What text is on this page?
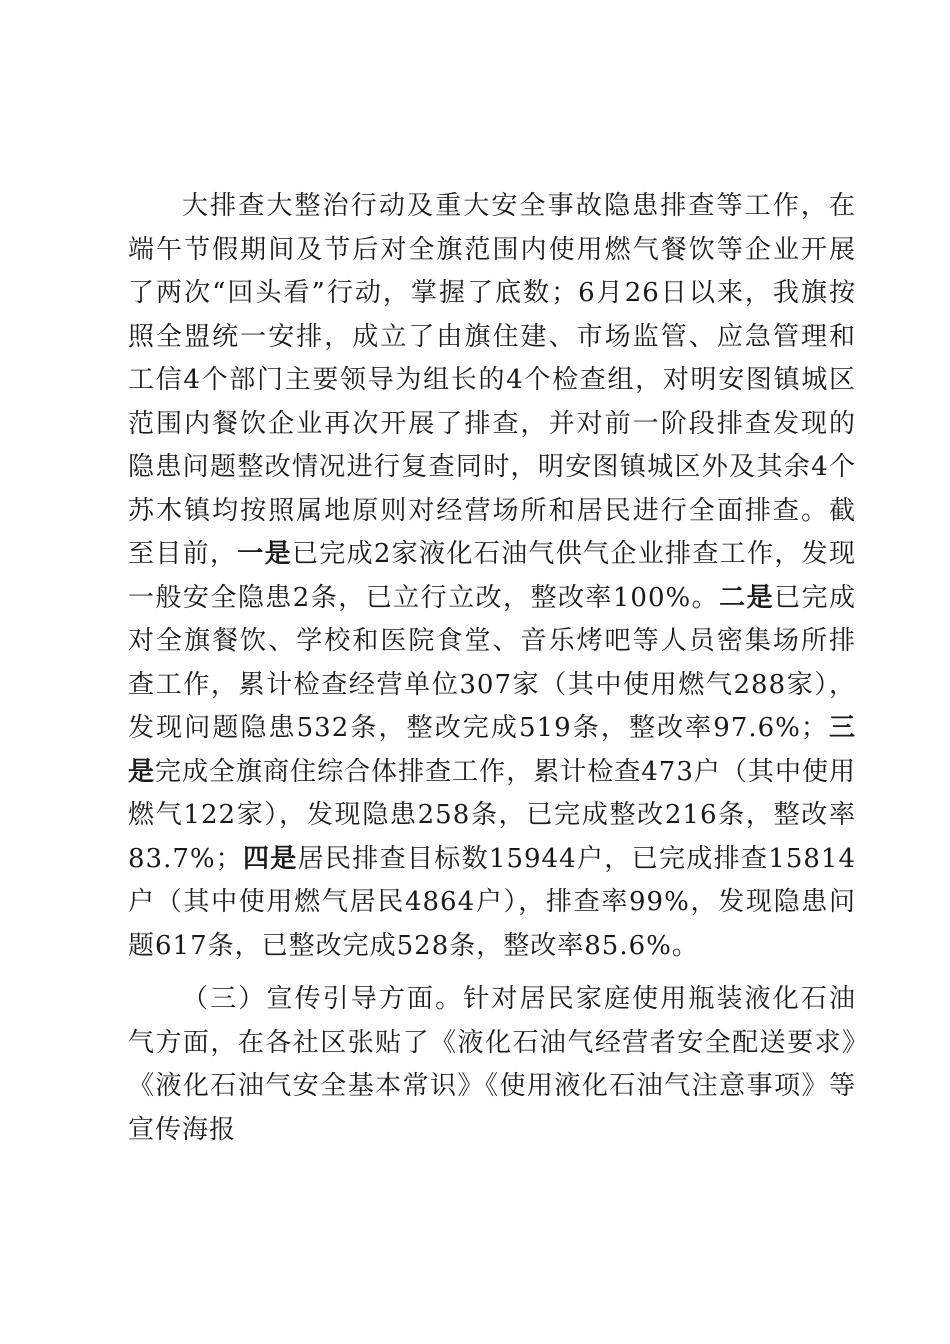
大排查大整治行动及重大安全事故隐患排查等工作，在端午节假期间及节后对全旗范围内使用燃气餐饮等企业开展了两次“回头看”行动，掌握了底数；6月26日以来，我旗按照全盟统一安排，成立了由旗住建、市场监管、应急管理和工信4个部门主要领导为组长的4个检查组，对明安图镇城区范围内餐饮企业再次开展了排查，并对前一阶段排查发现的隐患问题整改情况进行复查同时，明安图镇城区外及其余4个苏木镇均按照属地原则对经营场所和居民进行全面排查。截至目前，一是已完成2家液化石油气供气企业排查工作，发现一般安全隐患2条，已立行立改，整改率100%。二是已完成对全旗餐饮、学校和医院食堂、音乐烤吧等人员密集场所排查工作，累计检查经营单位307家（其中使用燃气288家），发现问题隐患532条，整改完成519条，整改率97.6%；三是完成全旗商住综合体排查工作，累计检查473户（其中使用燃气122家），发现隐患258条，已完成整改216条，整改率83.7%；四是居民排查目标数15944户，已完成排查15814户（其中使用燃气居民4864户），排查率99%，发现隐患问题617条，已整改完成528条，整改率85.6%。

（三）宣传引导方面。针对居民家庭使用瓶装液化石油气方面，在各社区张贴了《液化石油气经营者安全配送要求》《液化石油气安全基本常识》《使用液化石油气注意事项》等宣传海报
